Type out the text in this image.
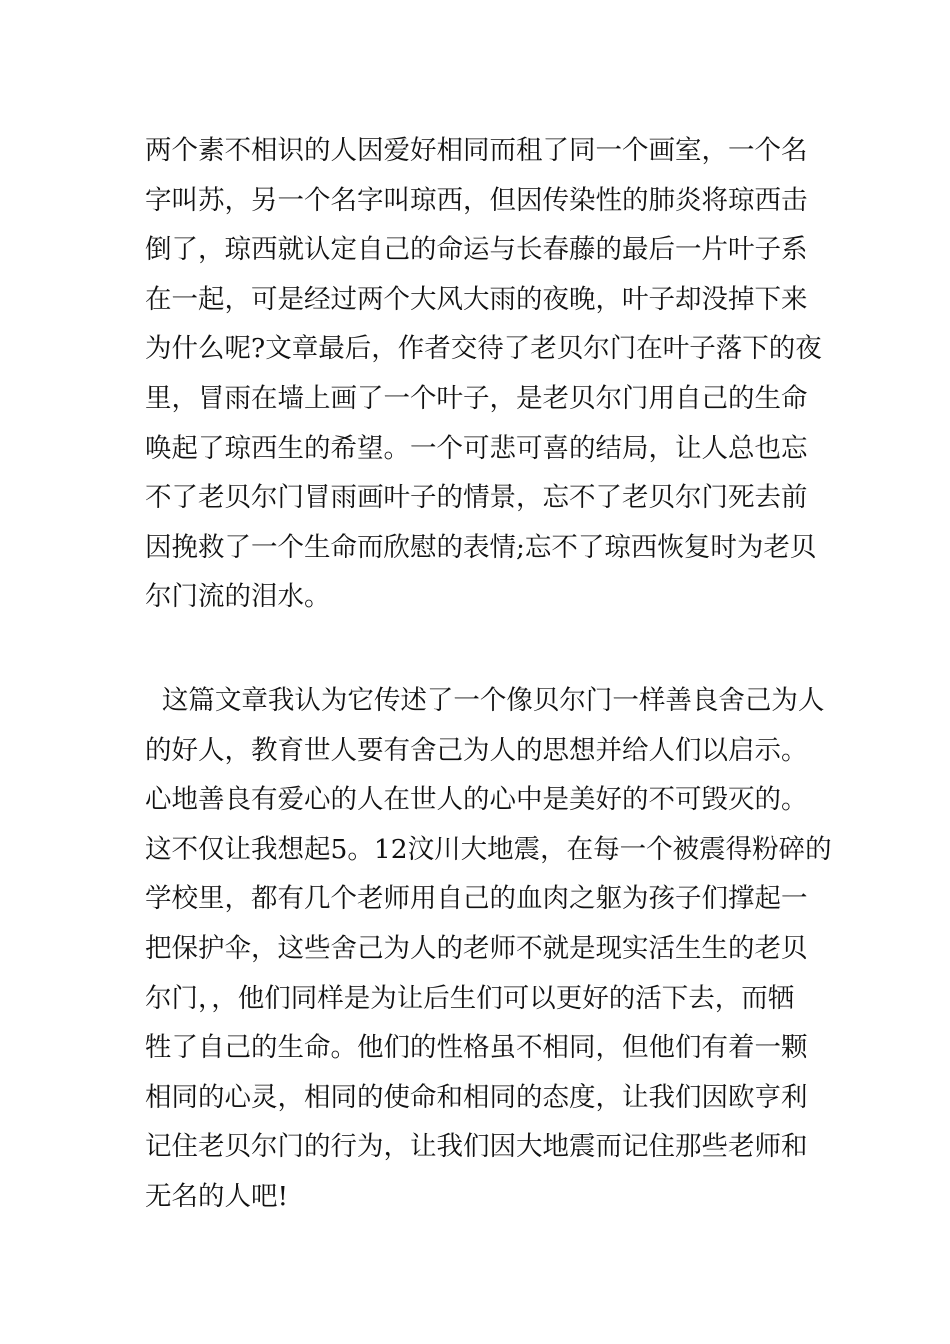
两个素不相识的人因爱好相同而租了同一个画室，一个名
字叫苏，另一个名字叫琼西，但因传染性的肺炎将琼西击
倒了，琼西就认定自己的命运与长春藤的最后一片叶子系
在一起，可是经过两个大风大雨的夜晚，叶子却没掉下来
为什么呢?文章最后，作者交待了老贝尔门在叶子落下的夜
里，冒雨在墙上画了一个叶子，是老贝尔门用自己的生命
唤起了琼西生的希望。一个可悲可喜的结局，让人总也忘
不了老贝尔门冒雨画叶子的情景，忘不了老贝尔门死去前
因挽救了一个生命而欣慰的表情;忘不了琼西恢复时为老贝
尔门流的泪水。
这篇文章我认为它传述了一个像贝尔门一样善良舍己为人
的好人，教育世人要有舍己为人的思想并给人们以启示。
心地善良有爱心的人在世人的心中是美好的不可毁灭的。
这不仅让我想起5。12汶川大地震，在每一个被震得粉碎的
学校里，都有几个老师用自己的血肉之躯为孩子们撑起一
把保护伞，这些舍己为人的老师不就是现实活生生的老贝
尔门，，他们同样是为让后生们可以更好的活下去，而牺
牲了自己的生命。他们的性格虽不相同，但他们有着一颗
相同的心灵，相同的使命和相同的态度，让我们因欧亨利
记住老贝尔门的行为，让我们因大地震而记住那些老师和
无名的人吧!
